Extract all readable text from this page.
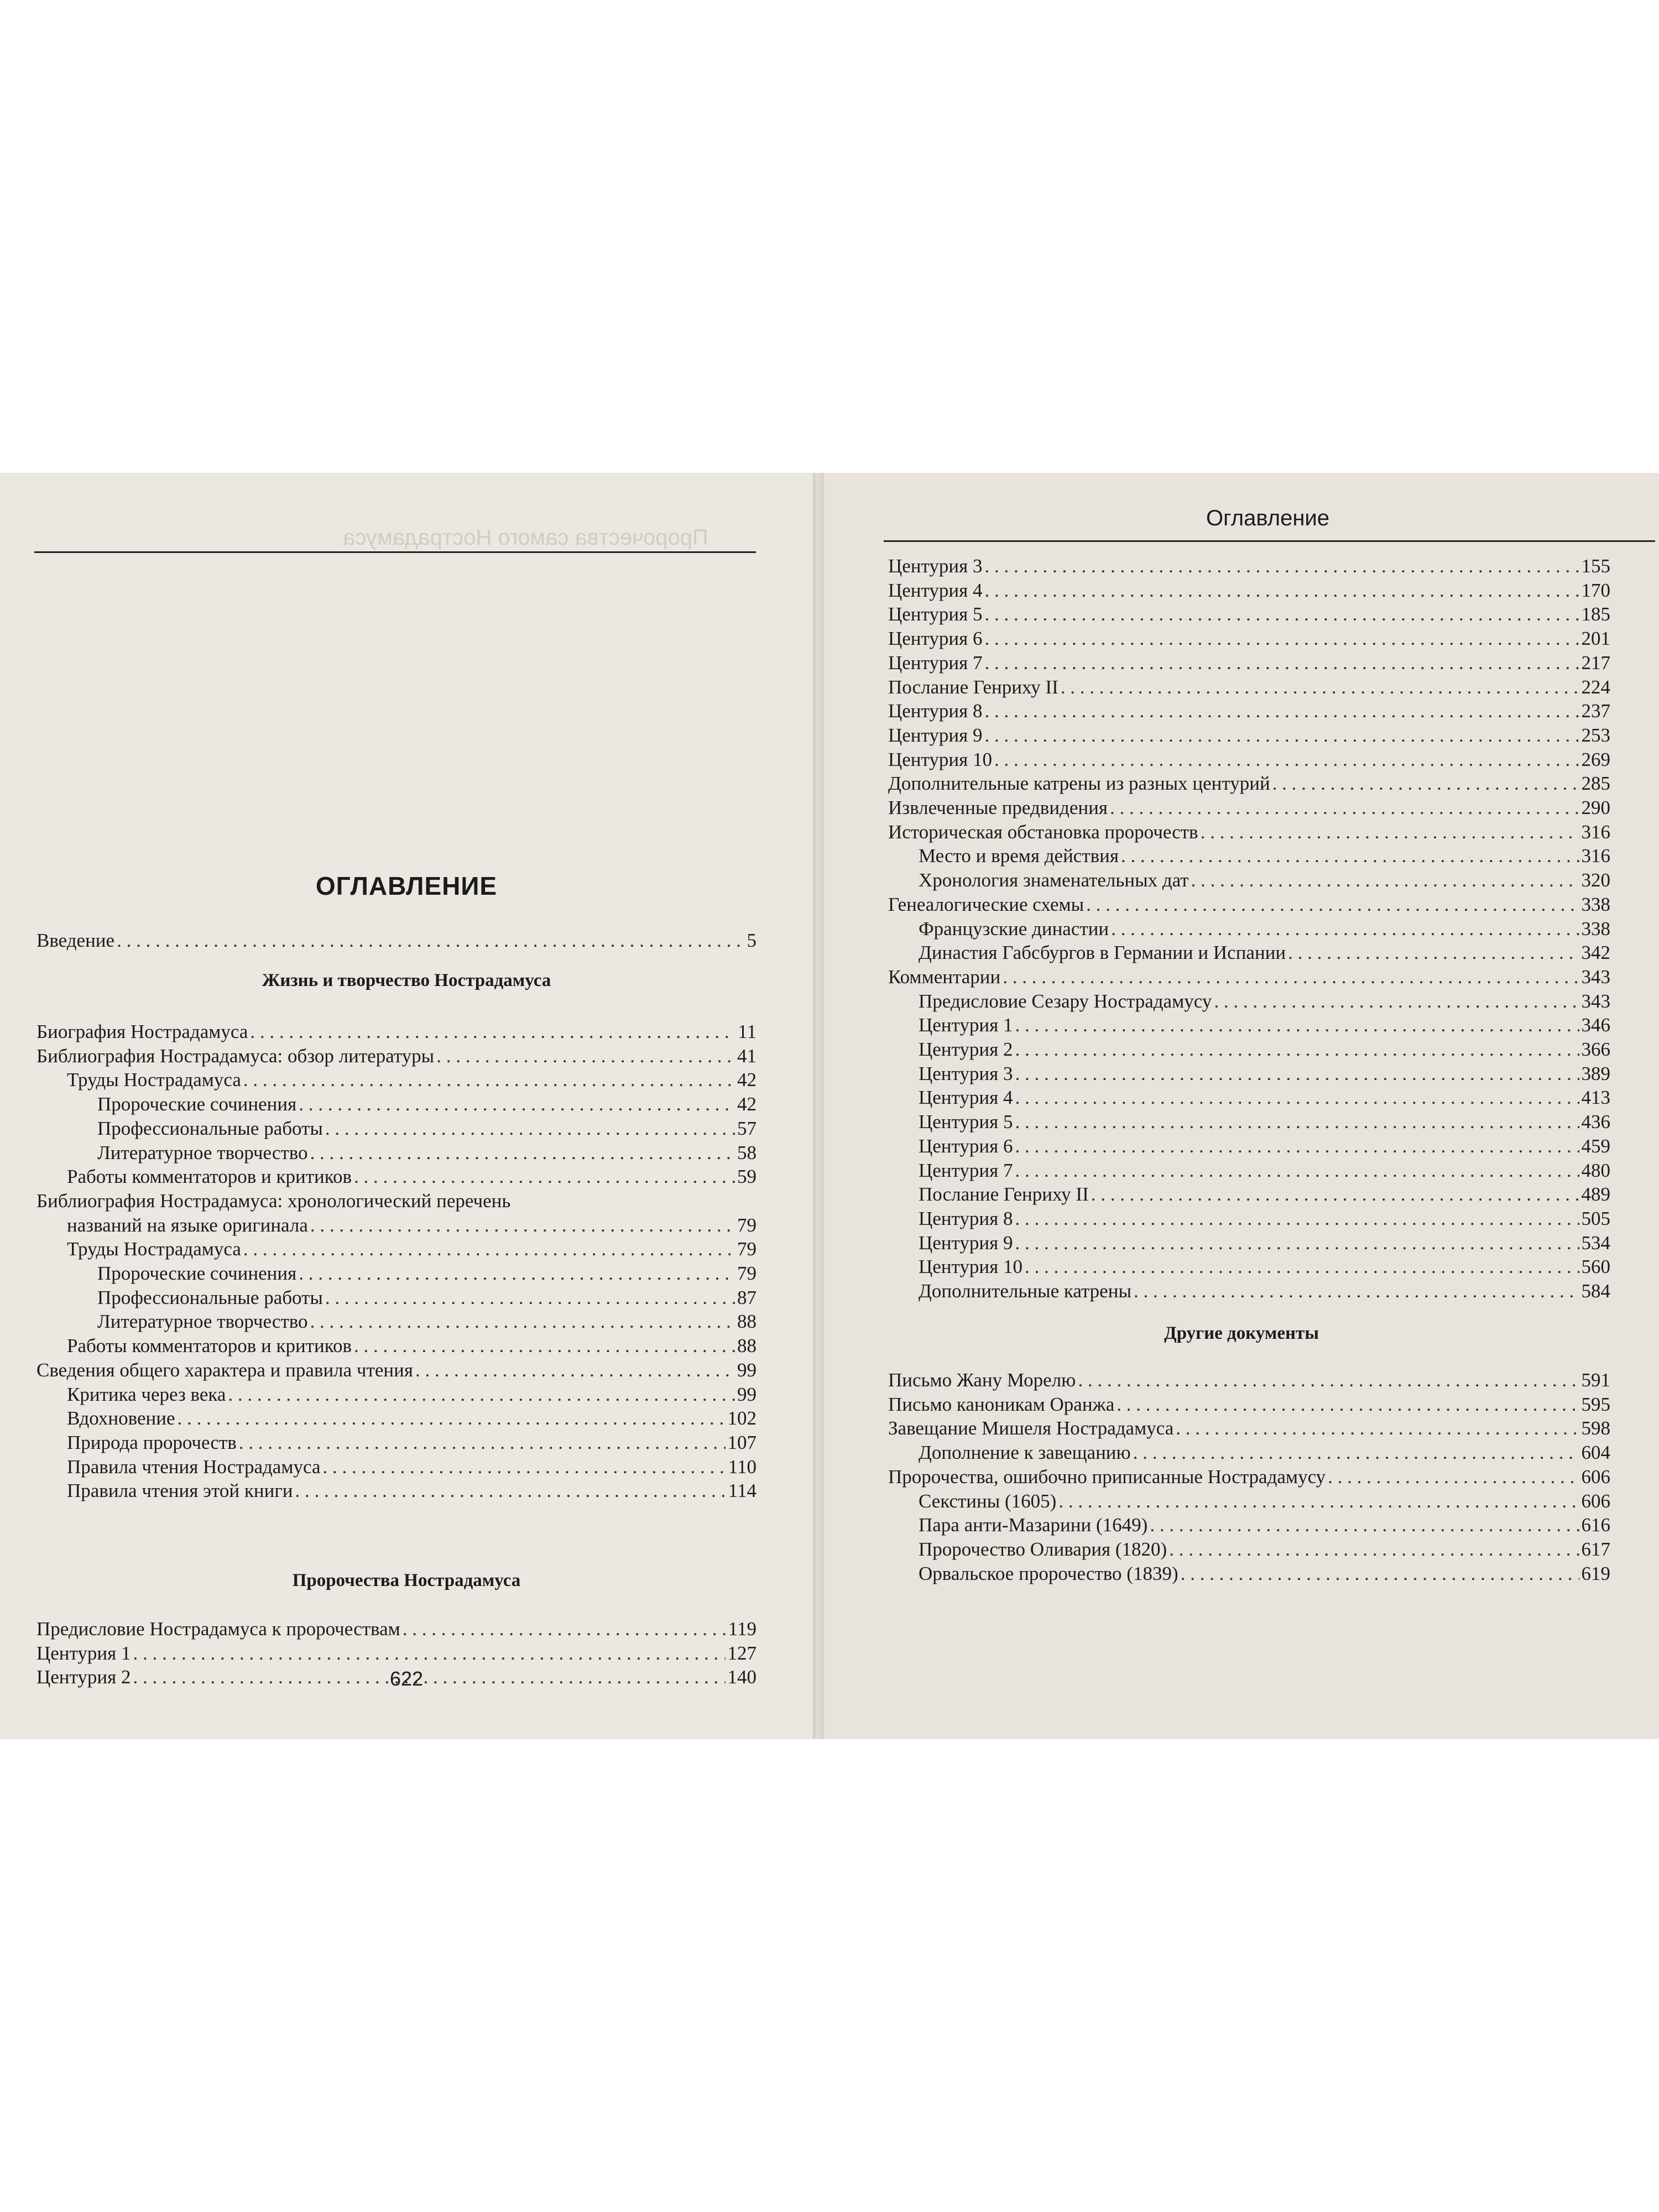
Пророчества самого Нострадамуса
ОГЛАВЛЕНИЕ
Введение . . .	5
Жизнь и творчество Нострадамуса
Биография Нострадамуса . . .	11
Библиография Нострадамуса: обзор литературы . . .	41
Труды Нострадамуса . . .	42
Пророческие сочинения . . .	42
Профессиональные работы . . .	57
Литературное творчество . . .	58
Работы комментаторов и критиков . . .	59
Библиография Нострадамуса: хронологический перечень
названий на языке оригинала . . .	79
Труды Нострадамуса . . .	79
Пророческие сочинения . . .	79
Профессиональные работы . . .	87
Литературное творчество . . .	88
Работы комментаторов и критиков . . .	88
Сведения общего характера и правила чтения . . .	99
Критика через века . . .	99
Вдохновение . . .	102
Природа пророчеств . . .	107
Правила чтения Нострадамуса . . .	110
Правила чтения этой книги . . .	114
Пророчества Нострадамуса
Предисловие Нострадамуса к пророчествам . . .	119
Центурия 1 . . .	127
Центурия 2 . . .	140
622
Центурия 3 . . .	155
Центурия 4 . . .	170
Центурия 5 . . .	185
Центурия 6 . . .	201
Центурия 7 . . .	217
Послание Генриху II . . .	224
Центурия 8 . . .	237
Центурия 9 . . .	253
Центурия 10 . . .	269
Дополнительные катрены из разных центурий . . .	285
Извлеченные предвидения . . .	290
Историческая обстановка пророчеств . . .	316
Место и время действия . . .	316
Хронология знаменательных дат . . .	320
Генеалогические схемы . . .	338
Французские династии . . .	338
Династия Габсбургов в Германии и Испании . . .	342
Комментарии . . .	343
Предисловие Сезару Нострадамусу . . .	343
Центурия 1 . . .	346
Центурия 2 . . .	366
Центурия 3 . . .	389
Центурия 4 . . .	413
Центурия 5 . . .	436
Центурия 6 . . .	459
Центурия 7 . . .	480
Послание Генриху II . . .	489
Центурия 8 . . .	505
Центурия 9 . . .	534
Центурия 10 . . .	560
Дополнительные катрены . . .	584
Другие документы
Письмо Жану Морелю . . .	591
Письмо каноникам Оранжа . . .	595
Завещание Мишеля Нострадамуса . . .	598
Дополнение к завещанию . . .	604
Пророчества, ошибочно приписанные Нострадамусу . . .	606
Секстины (1605) . . .	606
Пара анти-Мазарини (1649) . . .	616
Пророчество Оливария (1820) . . .	617
Орвальское пророчество (1839) . . .	619
Оглавление
